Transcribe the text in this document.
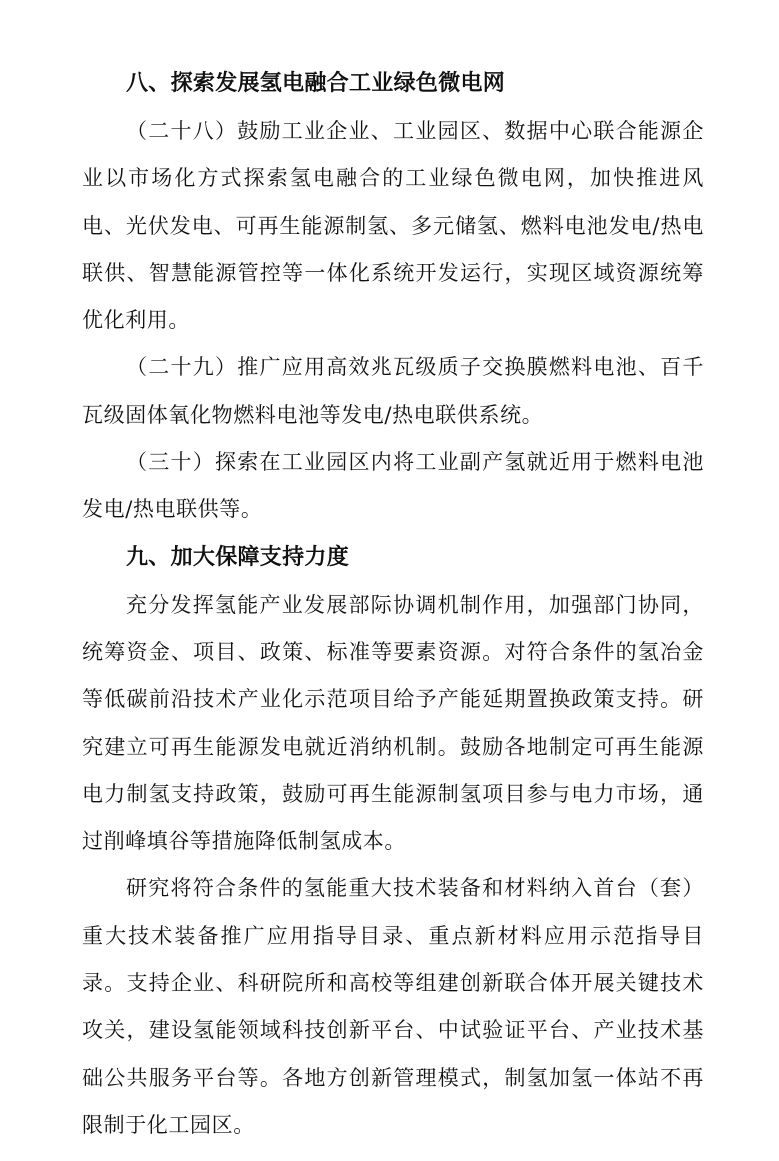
八、探索发展氢电融合工业绿色微电网

（二十八）鼓励工业企业、工业园区、数据中心联合能源企业以市场化方式探索氢电融合的工业绿色微电网，加快推进风电、光伏发电、可再生能源制氢、多元储氢、燃料电池发电/热电联供、智慧能源管控等一体化系统开发运行，实现区域资源统筹优化利用。

（二十九）推广应用高效兆瓦级质子交换膜燃料电池、百千瓦级固体氧化物燃料电池等发电/热电联供系统。

（三十）探索在工业园区内将工业副产氢就近用于燃料电池发电/热电联供等。

九、加大保障支持力度

充分发挥氢能产业发展部际协调机制作用，加强部门协同，统筹资金、项目、政策、标准等要素资源。对符合条件的氢冶金等低碳前沿技术产业化示范项目给予产能延期置换政策支持。研究建立可再生能源发电就近消纳机制。鼓励各地制定可再生能源电力制氢支持政策，鼓励可再生能源制氢项目参与电力市场，通过削峰填谷等措施降低制氢成本。

研究将符合条件的氢能重大技术装备和材料纳入首台（套）重大技术装备推广应用指导目录、重点新材料应用示范指导目录。支持企业、科研院所和高校等组建创新联合体开展关键技术攻关，建设氢能领域科技创新平台、中试验证平台、产业技术基础公共服务平台等。各地方创新管理模式，制氢加氢一体站不再限制于化工园区。
